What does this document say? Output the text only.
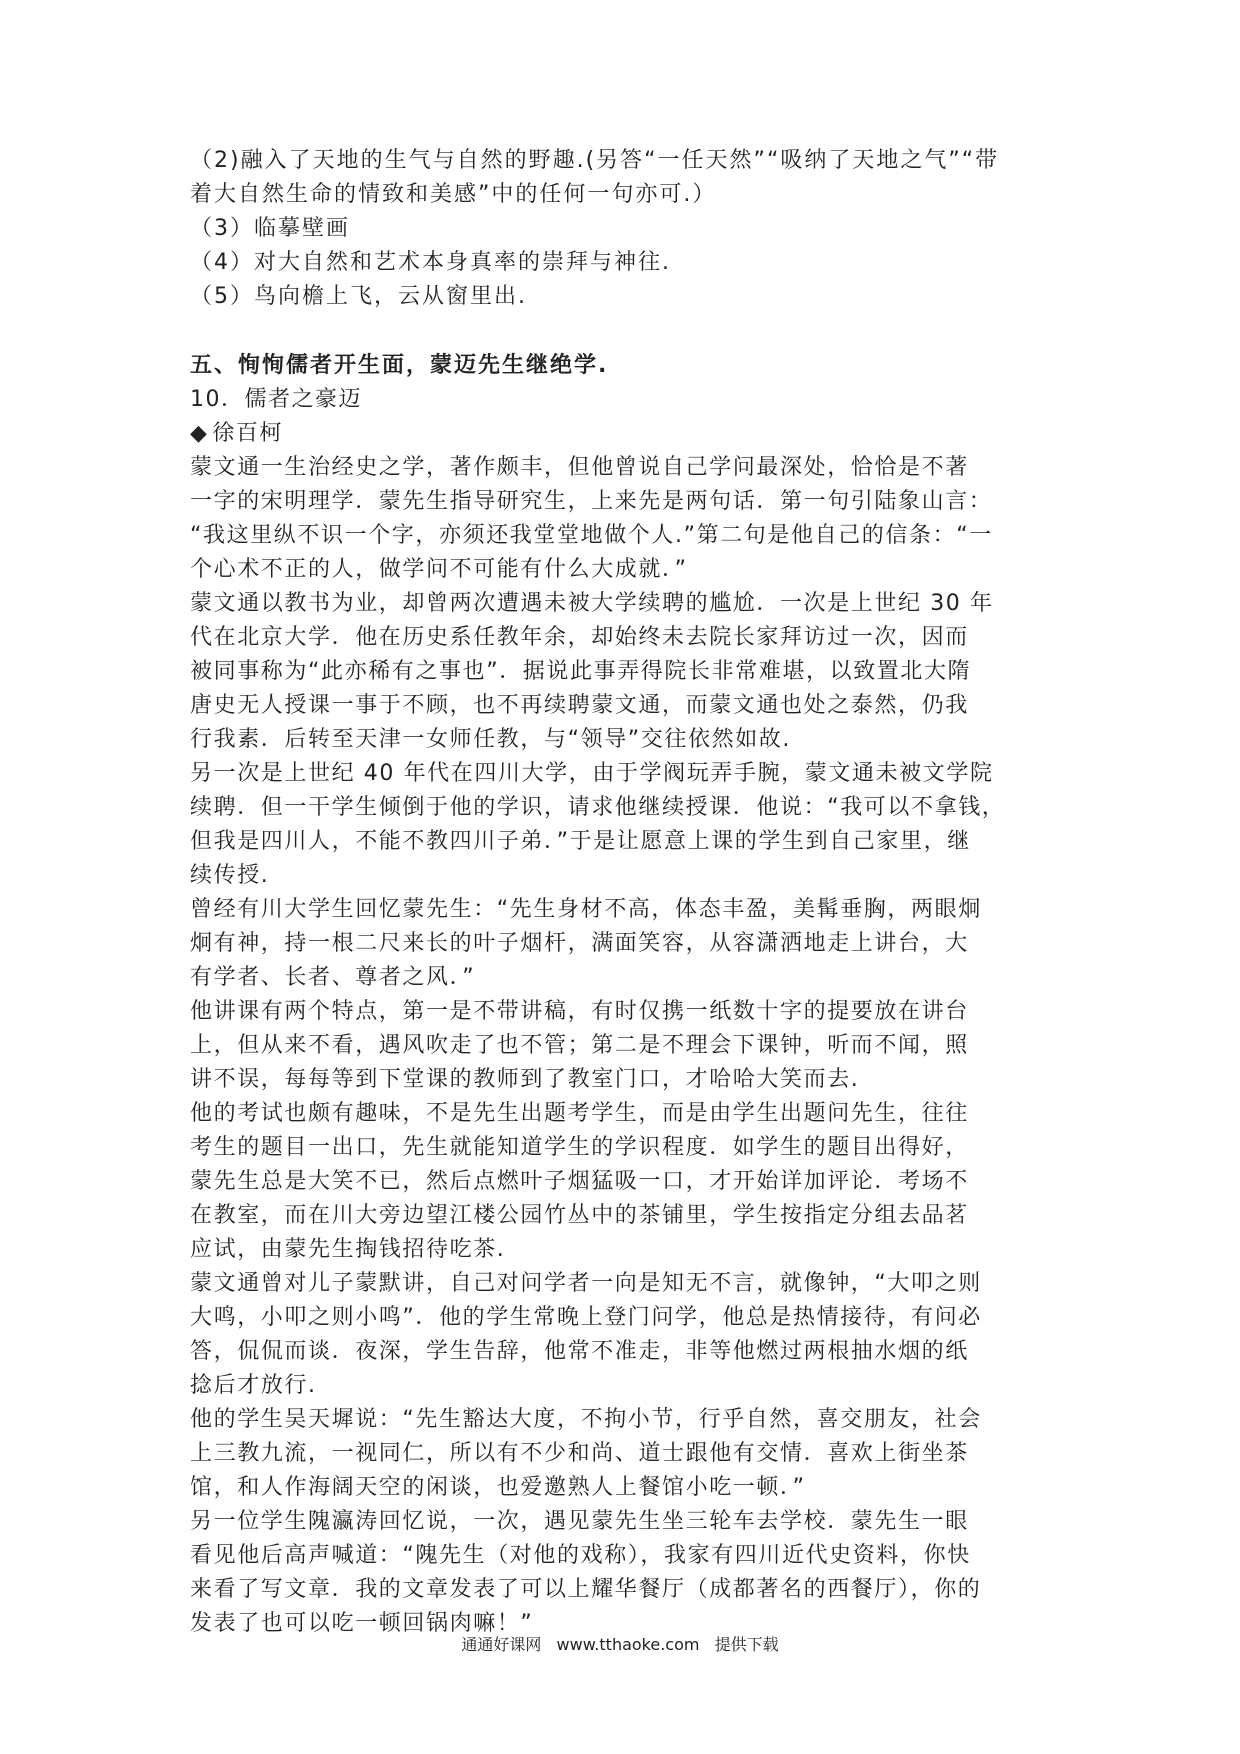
（2)融入了天地的生气与自然的野趣.(另答“一任天然”“吸纳了天地之气”“带

着大自然生命的情致和美感”中的任何一句亦可.）

（3）临摹壁画

（4）对大自然和艺术本身真率的崇拜与神往.

（5）鸟向檐上飞，云从窗里出.

五、恂恂儒者开生面，蒙迈先生继绝学.

10．儒者之豪迈

◆ 徐百柯

蒙文通一生治经史之学，著作颇丰，但他曾说自己学问最深处，恰恰是不著

一字的宋明理学．蒙先生指导研究生，上来先是两句话．第一句引陆象山言：

“我这里纵不识一个字，亦须还我堂堂地做个人.”第二句是他自己的信条：“一

个心术不正的人，做学问不可能有什么大成就．”

蒙文通以教书为业，却曾两次遭遇未被大学续聘的尴尬．一次是上世纪 30 年

代在北京大学．他在历史系任教年余，却始终未去院长家拜访过一次，因而

被同事称为“此亦稀有之事也”．据说此事弄得院长非常难堪，以致置北大隋

唐史无人授课一事于不顾，也不再续聘蒙文通，而蒙文通也处之泰然，仍我

行我素．后转至天津一女师任教，与“领导”交往依然如故.

另一次是上世纪 40 年代在四川大学，由于学阀玩弄手腕，蒙文通未被文学院

续聘．但一干学生倾倒于他的学识，请求他继续授课．他说：“我可以不拿钱，

但我是四川人，不能不教四川子弟．”于是让愿意上课的学生到自己家里，继

续传授.

曾经有川大学生回忆蒙先生：“先生身材不高，体态丰盈，美髯垂胸，两眼炯

炯有神，持一根二尺来长的叶子烟杆，满面笑容，从容潇洒地走上讲台，大

有学者、长者、尊者之风．”

他讲课有两个特点，第一是不带讲稿，有时仅携一纸数十字的提要放在讲台

上，但从来不看，遇风吹走了也不管；第二是不理会下课钟，听而不闻，照

讲不误，每每等到下堂课的教师到了教室门口，才哈哈大笑而去.

他的考试也颇有趣味，不是先生出题考学生，而是由学生出题问先生，往往

考生的题目一出口，先生就能知道学生的学识程度．如学生的题目出得好，

蒙先生总是大笑不已，然后点燃叶子烟猛吸一口，才开始详加评论．考场不

在教室，而在川大旁边望江楼公园竹丛中的茶铺里，学生按指定分组去品茗

应试，由蒙先生掏钱招待吃茶.

蒙文通曾对儿子蒙默讲，自己对问学者一向是知无不言，就像钟，“大叩之则

大鸣，小叩之则小鸣”．他的学生常晚上登门问学，他总是热情接待，有问必

答，侃侃而谈．夜深，学生告辞，他常不准走，非等他燃过两根抽水烟的纸

捻后才放行.

他的学生吴天墀说：“先生豁达大度，不拘小节，行乎自然，喜交朋友，社会

上三教九流，一视同仁，所以有不少和尚、道士跟他有交情．喜欢上街坐茶

馆，和人作海阔天空的闲谈，也爱邀熟人上餐馆小吃一顿．”

另一位学生隗瀛涛回忆说，一次，遇见蒙先生坐三轮车去学校．蒙先生一眼

看见他后高声喊道：“隗先生（对他的戏称），我家有四川近代史资料，你快

来看了写文章．我的文章发表了可以上耀华餐厅（成都著名的西餐厅），你的

发表了也可以吃一顿回锅肉嘛！”

通通好课网 www.tthaoke.com 提供下载
